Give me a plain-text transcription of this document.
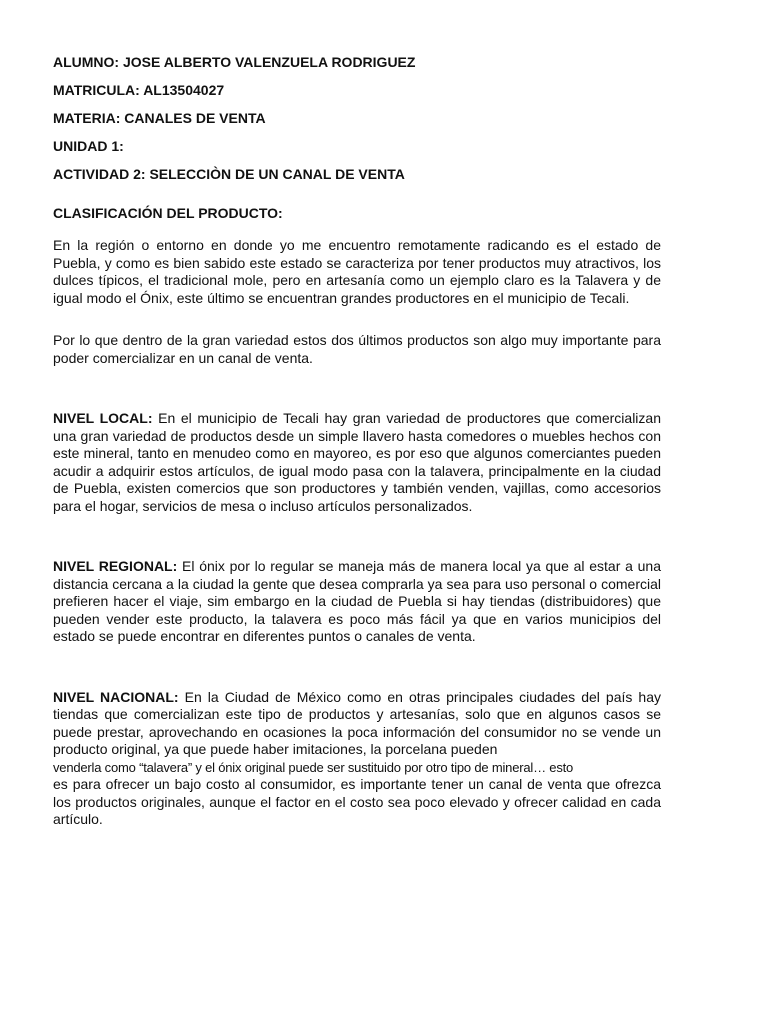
ALUMNO: JOSE ALBERTO VALENZUELA RODRIGUEZ
MATRICULA: AL13504027
MATERIA: CANALES DE VENTA
UNIDAD 1:
ACTIVIDAD 2: SELECCIÒN DE UN CANAL DE VENTA
CLASIFICACIÓN DEL PRODUCTO:

En la región o entorno en donde yo me encuentro remotamente radicando es el estado de Puebla, y como es bien sabido este estado se caracteriza por tener productos muy atractivos, los dulces típicos, el tradicional mole, pero en artesanía como un ejemplo claro es la Talavera y de igual modo el Ónix, este último se encuentran grandes productores en el municipio de Tecali.

Por lo que dentro de la gran variedad estos dos últimos productos son algo muy importante para poder comercializar en un canal de venta.

NIVEL LOCAL: En el municipio de Tecali hay gran variedad de productores que comercializan una gran variedad de productos desde un simple llavero hasta comedores o muebles hechos con este mineral, tanto en menudeo como en mayoreo, es por eso que algunos comerciantes pueden acudir a adquirir estos artículos, de igual modo pasa con la talavera, principalmente en la ciudad de Puebla, existen comercios que son productores y también venden, vajillas, como accesorios para el hogar, servicios de mesa o incluso artículos personalizados.

NIVEL REGIONAL: El ónix por lo regular se maneja más de manera local ya que al estar a una distancia cercana a la ciudad la gente que desea comprarla ya sea para uso personal o comercial prefieren hacer el viaje, sim embargo en la ciudad de Puebla si hay tiendas (distribuidores) que pueden vender este producto, la talavera es poco más fácil ya que en varios municipios del estado se puede encontrar en diferentes puntos o canales de venta.

NIVEL NACIONAL: En la Ciudad de México como en otras principales ciudades del país hay tiendas que comercializan este tipo de productos y artesanías, solo que en algunos casos se puede prestar, aprovechando en ocasiones la poca información del consumidor no se vende un producto original, ya que puede haber imitaciones, la porcelana pueden

venderla como “talavera” y el ónix original puede ser sustituido por otro tipo de mineral… esto

es para ofrecer un bajo costo al consumidor, es importante tener un canal de venta que ofrezca los productos originales, aunque el factor en el costo sea poco elevado y ofrecer calidad en cada artículo.
